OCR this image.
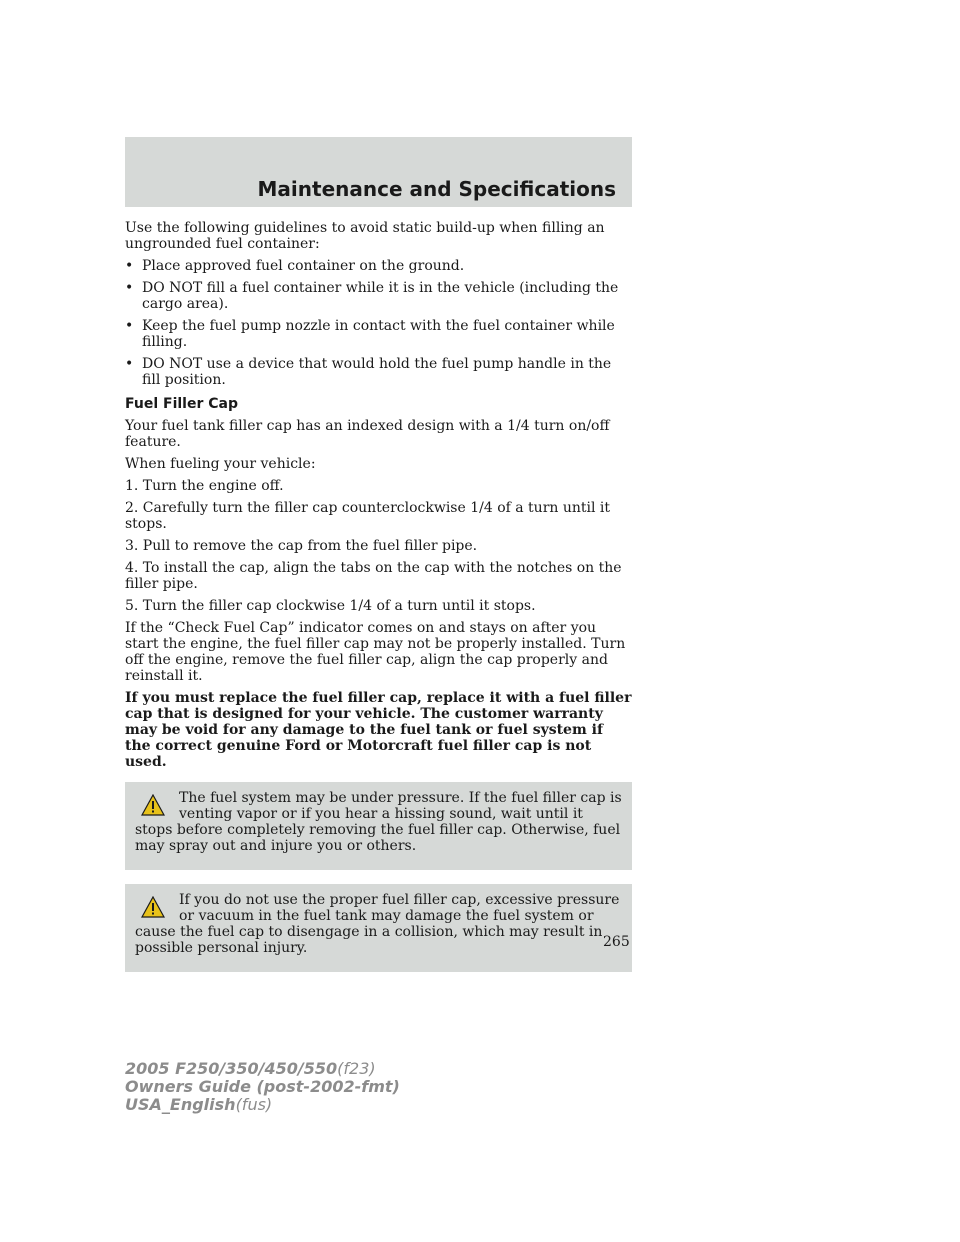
Maintenance and Specifications

Use the following guidelines to avoid static build-up when filling an ungrounded fuel container:

• Place approved fuel container on the ground.
• DO NOT fill a fuel container while it is in the vehicle (including the cargo area).
• Keep the fuel pump nozzle in contact with the fuel container while filling.
• DO NOT use a device that would hold the fuel pump handle in the fill position.
Fuel Filler Cap

Your fuel tank filler cap has an indexed design with a 1/4 turn on/off feature.

When fueling your vehicle:

1. Turn the engine off.

2. Carefully turn the filler cap counterclockwise 1/4 of a turn until it stops.

3. Pull to remove the cap from the fuel filler pipe.

4. To install the cap, align the tabs on the cap with the notches on the filler pipe.

5. Turn the filler cap clockwise 1/4 of a turn until it stops.

If the “Check Fuel Cap” indicator comes on and stays on after you start the engine, the fuel filler cap may not be properly installed. Turn off the engine, remove the fuel filler cap, align the cap properly and reinstall it.

If you must replace the fuel filler cap, replace it with a fuel filler cap that is designed for your vehicle. The customer warranty may be void for any damage to the fuel tank or fuel system if the correct genuine Ford or Motorcraft fuel filler cap is not used.

The fuel system may be under pressure. If the fuel filler cap is venting vapor or if you hear a hissing sound, wait until it stops before completely removing the fuel filler cap. Otherwise, fuel may spray out and injure you or others.
If you do not use the proper fuel filler cap, excessive pressure or vacuum in the fuel tank may damage the fuel system or cause the fuel cap to disengage in a collision, which may result in possible personal injury.	265
2005 F250/350/450/550(f23)
Owners Guide (post-2002-fmt)
USA_English(fus)
